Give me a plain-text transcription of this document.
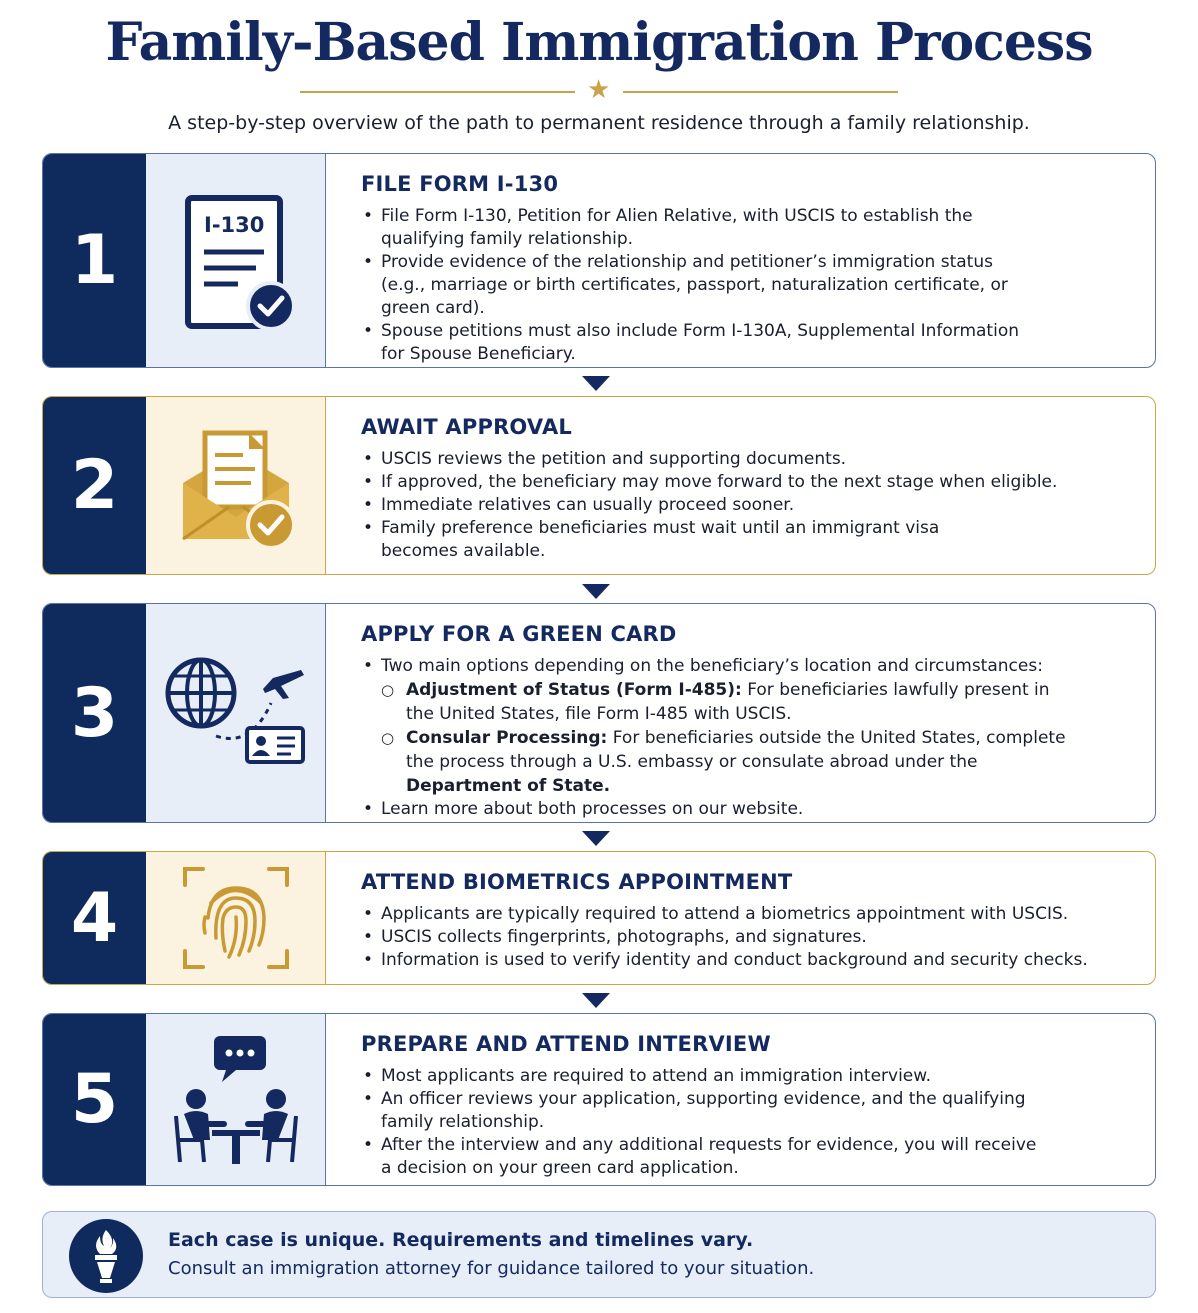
Family-Based Immigration Process
★
A step-by-step overview of the path to permanent residence through a family relationship.
1	I-130
FILE FORM I-130
• File Form I-130, Petition for Alien Relative, with USCIS to establish the qualifying family relationship.
• Provide evidence of the relationship and petitioner’s immigration status (e.g., marriage or birth certificates, passport, naturalization certificate, or green card).
• Spouse petitions must also include Form I-130A, Supplemental Information for Spouse Beneficiary.
2
AWAIT APPROVAL
• USCIS reviews the petition and supporting documents.
• If approved, the beneficiary may move forward to the next stage when eligible.
• Immediate relatives can usually proceed sooner.
• Family preference beneficiaries must wait until an immigrant visa becomes available.
3
APPLY FOR A GREEN CARD
• Two main options depending on the beneficiary’s location and circumstances:
○ Adjustment of Status (Form I-485): For beneficiaries lawfully present in the United States, file Form I-485 with USCIS.
○ Consular Processing: For beneficiaries outside the United States, complete the process through a U.S. embassy or consulate abroad under the Department of State.
• Learn more about both processes on our website.
4	ATTEND BIOMETRICS APPOINTMENT
• Applicants are typically required to attend a biometrics appointment with USCIS.
• USCIS collects fingerprints, photographs, and signatures.
• Information is used to verify identity and conduct background and security checks.
5
PREPARE AND ATTEND INTERVIEW
• Most applicants are required to attend an immigration interview.
• An officer reviews your application, supporting evidence, and the qualifying family relationship.
• After the interview and any additional requests for evidence, you will receive a decision on your green card application.
Each case is unique. Requirements and timelines vary.
Consult an immigration attorney for guidance tailored to your situation.
